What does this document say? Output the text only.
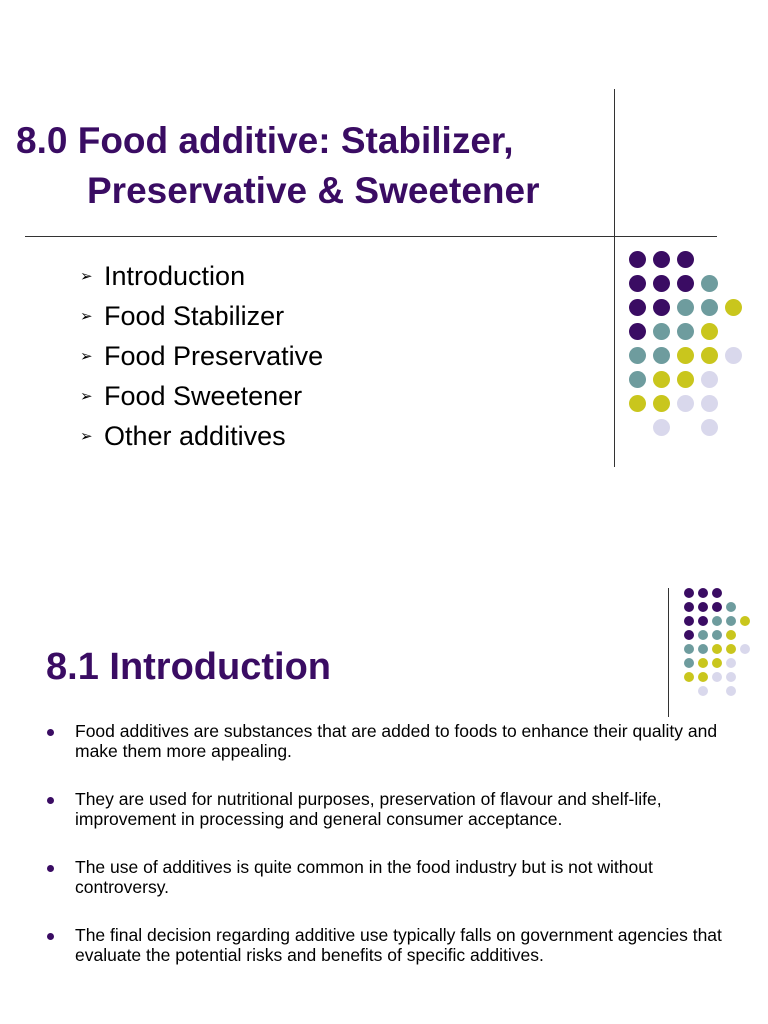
8.0 Food additive: Stabilizer,
Preservative & Sweetener
➢ Introduction
➢ Food Stabilizer
➢ Food Preservative
➢ Food Sweetener
➢ Other additives
8.1 Introduction
Food additives are substances that are added to foods to enhance their quality and make them more appealing.
They are used for nutritional purposes, preservation of flavour and shelf-life, improvement in processing and general consumer acceptance.
The use of additives is quite common in the food industry but is not without controversy.
The final decision regarding additive use typically falls on government agencies that evaluate the potential risks and benefits of specific additives.
